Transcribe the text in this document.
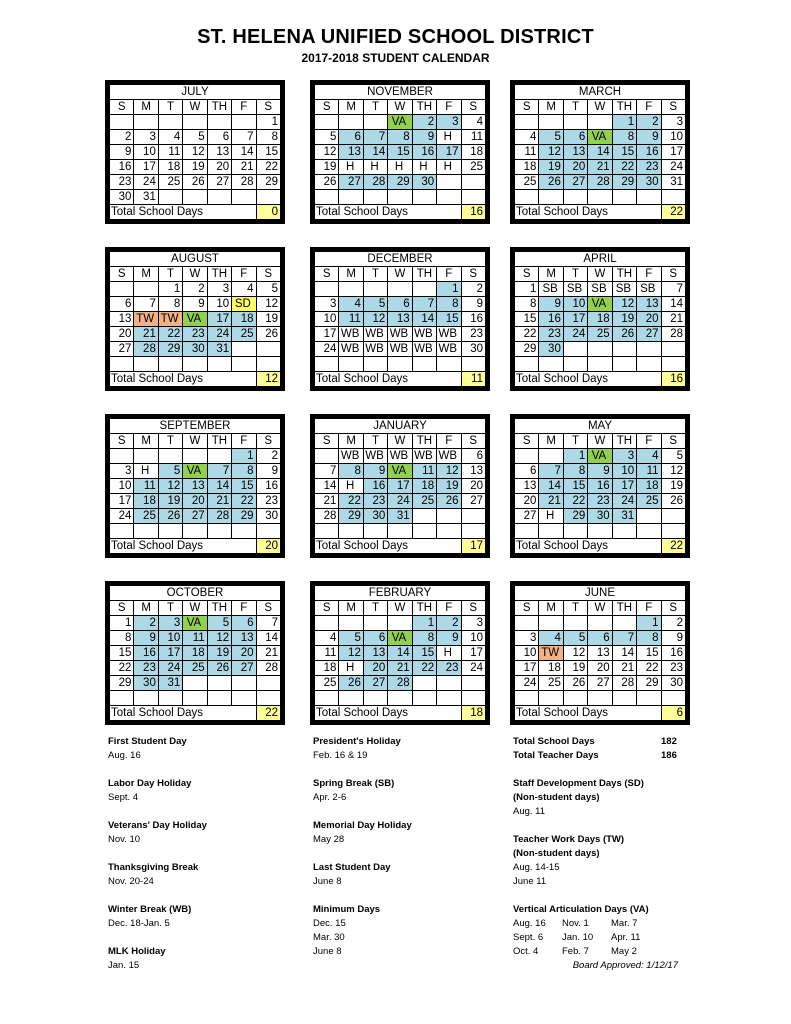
ST. HELENA UNIFIED SCHOOL DISTRICT
2017-2018 STUDENT CALENDAR
JULY						
S	M	T	W	TH	F	S
						1
2	3	4	5	6	7	8
9	10	11	12	13	14	15
16	17	18	19	20	21	22
23	24	25	26	27	28	29
30	31					
Total School Days						0
NOVEMBER						
S	M	T	W	TH	F	S
			VA	2	3	4
5	6	7	8	9	H	11
12	13	14	15	16	17	18
19	H	H	H	H	H	25
26	27	28	29	30		

Total School Days						16
MARCH						
S	M	T	W	TH	F	S
				1	2	3
4	5	6	VA	8	9	10
11	12	13	14	15	16	17
18	19	20	21	22	23	24
25	26	27	28	29	30	31

Total School Days						22
AUGUST						
S	M	T	W	TH	F	S
		1	2	3	4	5
6	7	8	9	10	SD	12
13	TW	TW	VA	17	18	19
20	21	22	23	24	25	26
27	28	29	30	31		

Total School Days						12
DECEMBER						
S	M	T	W	TH	F	S
					1	2
3	4	5	6	7	8	9
10	11	12	13	14	15	16
17	WB	WB	WB	WB	WB	23
24	WB	WB	WB	WB	WB	30

Total School Days						11
APRIL						
S	M	T	W	TH	F	S
1	SB	SB	SB	SB	SB	7
8	9	10	VA	12	13	14
15	16	17	18	19	20	21
22	23	24	25	26	27	28
29	30					

Total School Days						16
SEPTEMBER						
S	M	T	W	TH	F	S
					1	2
3	H	5	VA	7	8	9
10	11	12	13	14	15	16
17	18	19	20	21	22	23
24	25	26	27	28	29	30

Total School Days						20
JANUARY						
S	M	T	W	TH	F	S
	WB	WB	WB	WB	WB	6
7	8	9	VA	11	12	13
14	H	16	17	18	19	20
21	22	23	24	25	26	27
28	29	30	31			

Total School Days						17
MAY						
S	M	T	W	TH	F	S
		1	VA	3	4	5
6	7	8	9	10	11	12
13	14	15	16	17	18	19
20	21	22	23	24	25	26
27	H	29	30	31		

Total School Days						22
OCTOBER						
S	M	T	W	TH	F	S
1	2	3	VA	5	6	7
8	9	10	11	12	13	14
15	16	17	18	19	20	21
22	23	24	25	26	27	28
29	30	31				

Total School Days						22
FEBRUARY						
S	M	T	W	TH	F	S
				1	2	3
4	5	6	VA	8	9	10
11	12	13	14	15	H	17
18	H	20	21	22	23	24
25	26	27	28			

Total School Days						18
JUNE						
S	M	T	W	TH	F	S
					1	2
3	4	5	6	7	8	9
10	TW	12	13	14	15	16
17	18	19	20	21	22	23
24	25	26	27	28	29	30

Total School Days						6
First Student Day
Aug. 16
Labor Day Holiday
Sept. 4
Veterans' Day Holiday
Nov. 10
Thanksgiving Break
Nov. 20-24
Winter Break (WB)
Dec. 18-Jan. 5
MLK Holiday
Jan. 15
President's Holiday
Feb. 16 & 19
Spring Break (SB)
Apr. 2-6
Memorial Day Holiday
May 28
Last Student Day
June 8
Minimum Days
Dec. 15
Mar. 30
June 8
Total School Days	182
Total Teacher Days	186
Staff Development Days (SD)
(Non-student days)
Aug. 11
Teacher Work Days (TW)
(Non-student days)
Aug. 14-15
June 11
Vertical Articulation Days (VA)
Aug. 16	Nov. 1	Mar. 7
Sept. 6	Jan. 10	Apr. 11
Oct. 4	Feb. 7	May 2
Board Approved: 1/12/17
